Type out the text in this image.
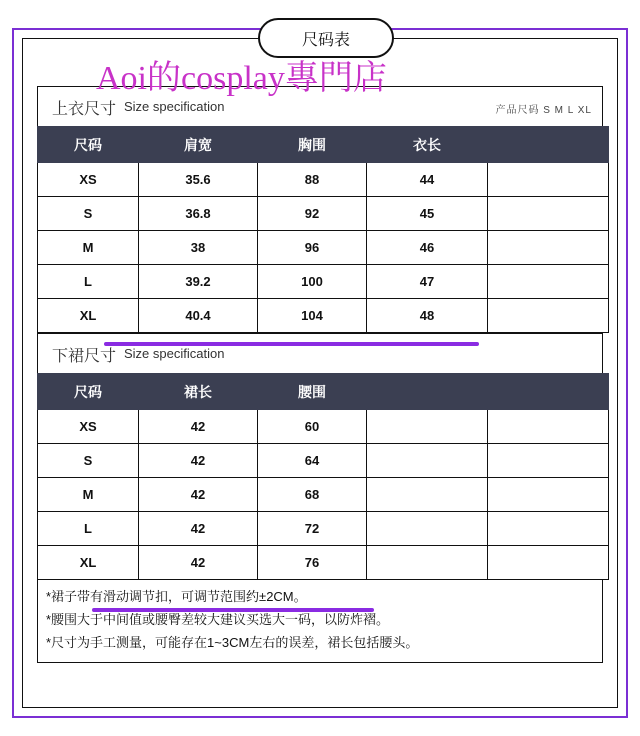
尺码表
Aoi的cosplay專門店
上衣尺寸 Size specification	产品尺码 S M L XL
尺码	肩宽	胸围	衣长	
XS	35.6	88	44	
S	36.8	92	45	
M	38	96	46	
L	39.2	100	47	
XL	40.4	104	48	
下裙尺寸 Size specification
尺码	裙长	腰围		
XS	42	60		
S	42	64		
M	42	68		
L	42	72		
XL	42	76		
*裙子带有滑动调节扣，可调节范围约±2CM。
*腰围大于中间值或腰臀差较大建议买选大一码，以防炸褶。
*尺寸为手工测量，可能存在1~3CM左右的误差，裙长包括腰头。
